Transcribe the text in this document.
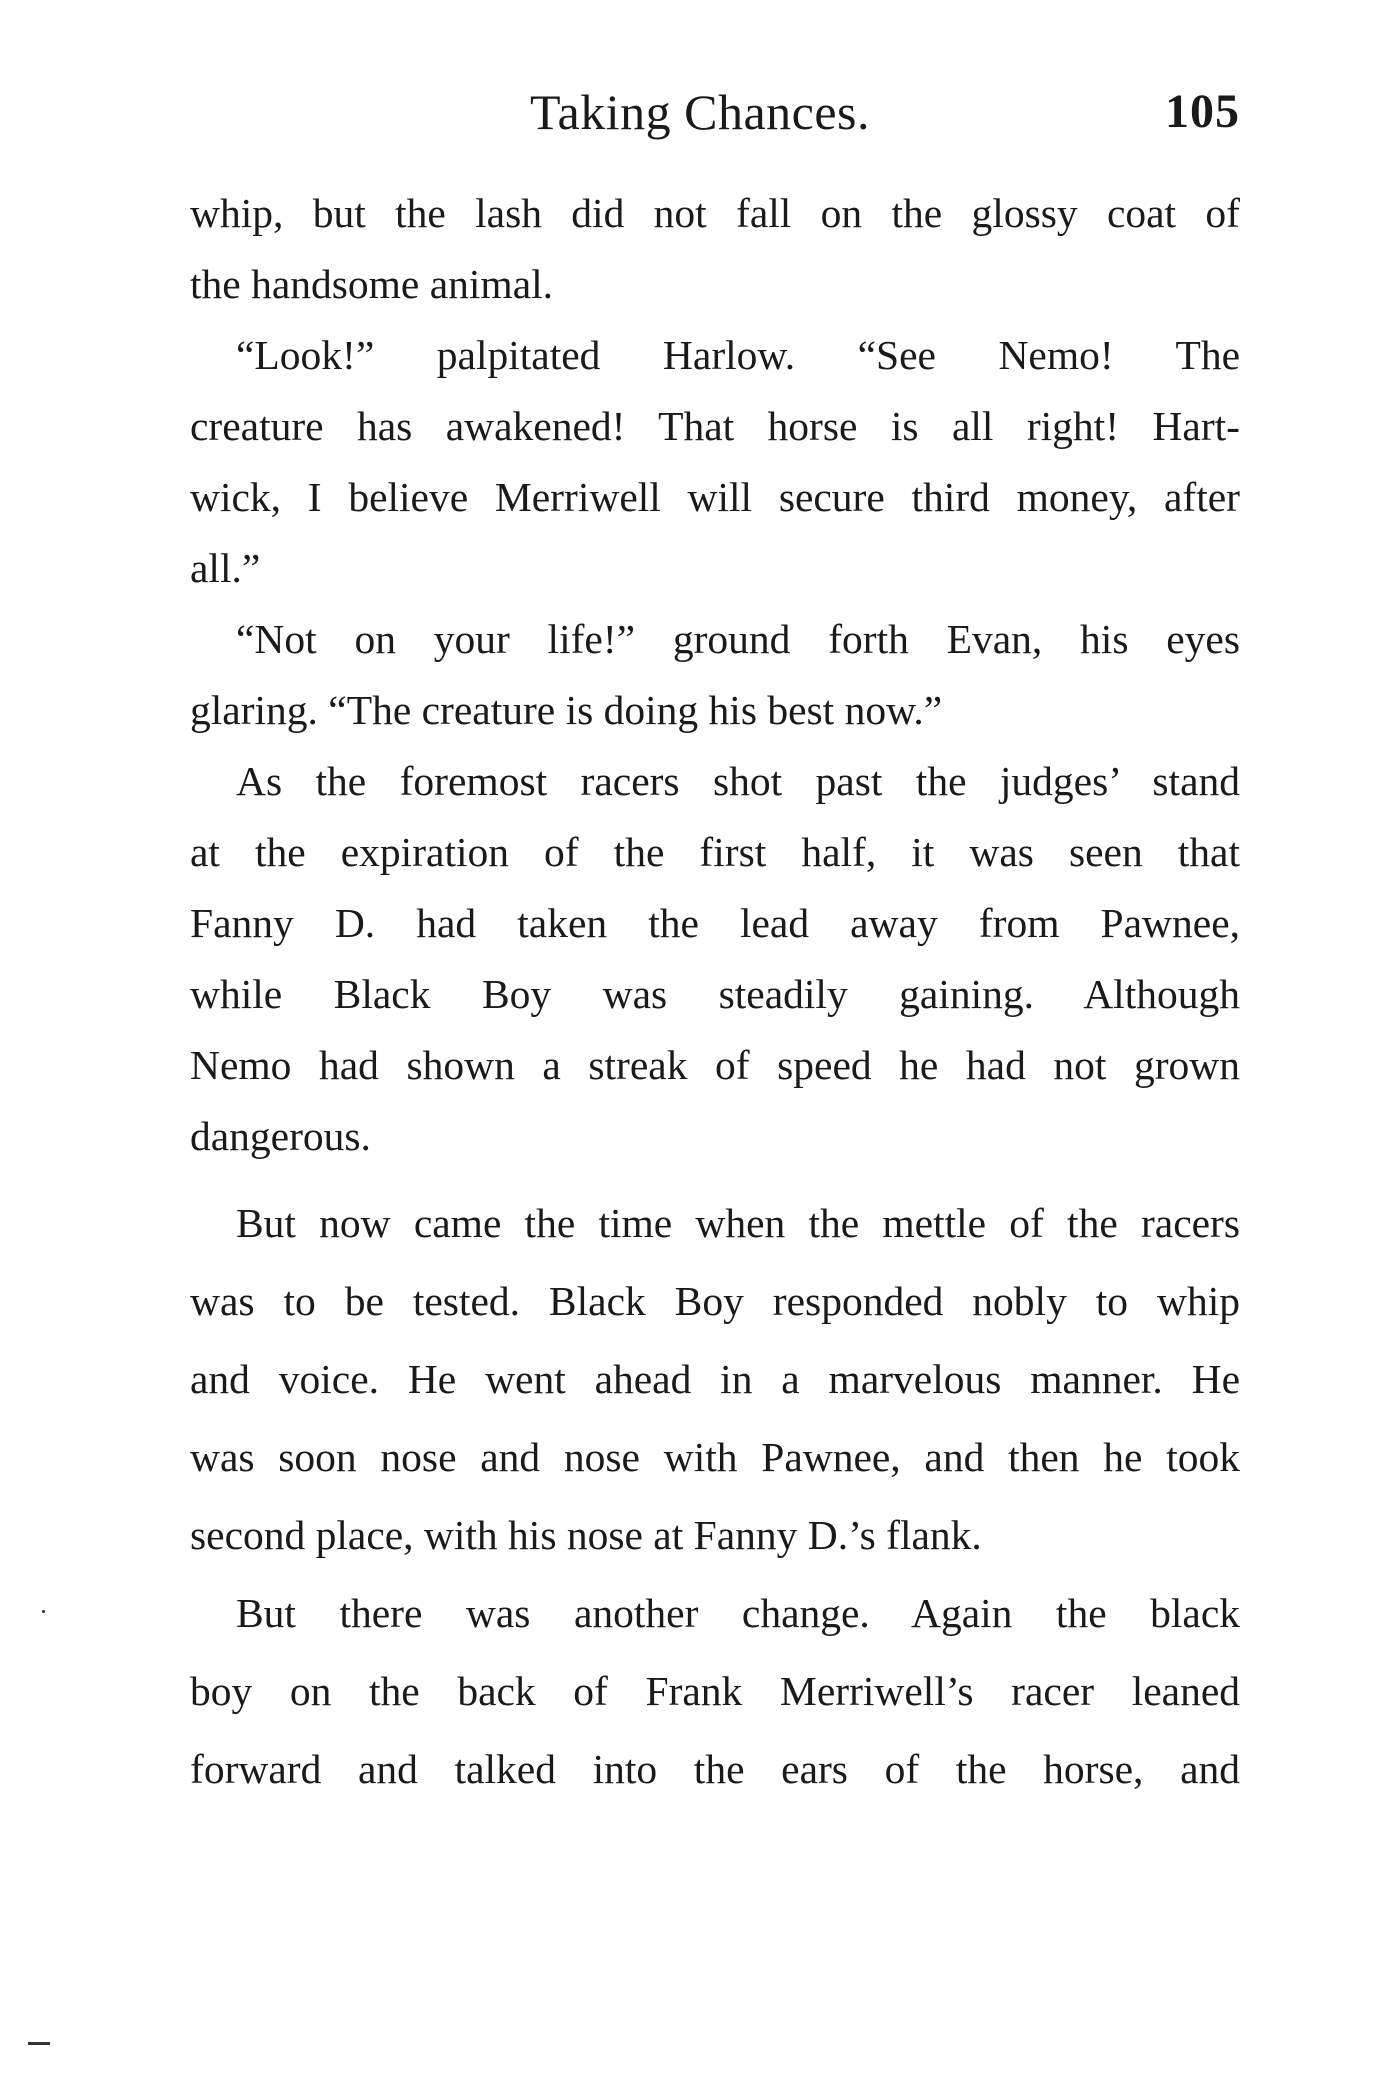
Taking Chances.	105
whip, but the lash did not fall on the glossy coat of
the handsome animal.
“Look!” palpitated Harlow. “See Nemo! The
creature has awakened! That horse is all right! Hart-
wick, I believe Merriwell will secure third money, after
all.”
“Not on your life!” ground forth Evan, his eyes
glaring. “The creature is doing his best now.”
As the foremost racers shot past the judges’ stand
at the expiration of the first half, it was seen that
Fanny D. had taken the lead away from Pawnee,
while Black Boy was steadily gaining. Although
Nemo had shown a streak of speed he had not grown
dangerous.
But now came the time when the mettle of the racers
was to be tested. Black Boy responded nobly to whip
and voice. He went ahead in a marvelous manner. He
was soon nose and nose with Pawnee, and then he took
second place, with his nose at Fanny D.’s flank.
But there was another change. Again the black
boy on the back of Frank Merriwell’s racer leaned
forward and talked into the ears of the horse, and
